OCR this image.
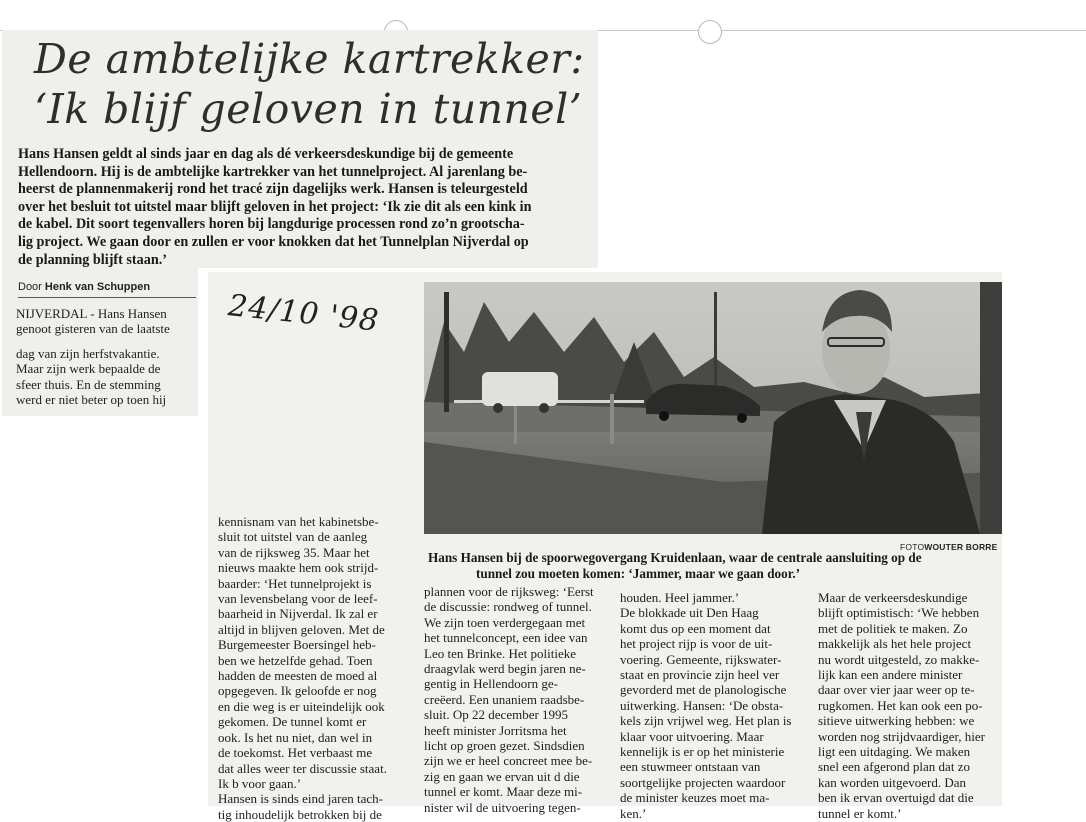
De ambtelijke kartrekker:
‘Ik blijf geloven in tunnel’
Hans Hansen geldt al sinds jaar en dag als dé verkeersdeskundige bij de gemeente
Hellendoorn. Hij is de ambtelijke kartrekker van het tunnelproject. Al jarenlang be-
heerst de plannenmakerij rond het tracé zijn dagelijks werk. Hansen is teleurgesteld
over het besluit tot uitstel maar blijft geloven in het project: ‘Ik zie dit als een kink in
de kabel. Dit soort tegenvallers horen bij langdurige processen rond zo’n grootscha-
lig project. We gaan door en zullen er voor knokken dat het Tunnelplan Nijverdal op
de planning blijft staan.’
Door Henk van Schuppen
NIJVERDAL - Hans Hansen
genoot gisteren van de laatste
dag van zijn herfstvakantie.
Maar zijn werk bepaalde de
sfeer thuis. En de stemming
werd er niet beter op toen hij
24/10 '98
FOTOWOUTER BORRE
Hans Hansen bij de spoorwegovergang Kruidenlaan, waar de centrale aansluiting op de
tunnel zou moeten komen: ‘Jammer, maar we gaan door.’
kennisnam van het kabinetsbe-
sluit tot uitstel van de aanleg
van de rijksweg 35. Maar het
nieuws maakte hem ook strijd-
baarder: ‘Het tunnelprojekt is
van levensbelang voor de leef-
baarheid in Nijverdal. Ik zal er
altijd in blijven geloven. Met de
Burgemeester Boersingel heb-
ben we hetzelfde gehad. Toen
hadden de meesten de moed al
opgegeven. Ik geloofde er nog
en die weg is er uiteindelijk ook
gekomen. De tunnel komt er
ook. Is het nu niet, dan wel in
de toekomst. Het verbaast me
dat alles weer ter discussie staat.
Ik b voor gaan.’
Hansen is sinds eind jaren tach-
tig inhoudelijk betrokken bij de
plannen voor de rijksweg: ‘Eerst
de discussie: rondweg of tunnel.
We zijn toen verdergegaan met
het tunnelconcept, een idee van
Leo ten Brinke. Het politieke
draagvlak werd begin jaren ne-
gentig in Hellendoorn ge-
creëerd. Een unaniem raadsbe-
sluit. Op 22 december 1995
heeft minister Jorritsma het
licht op groen gezet. Sindsdien
zijn we er heel concreet mee be-
zig en gaan we ervan uit d die
tunnel er komt. Maar deze mi-
nister wil de uitvoering tegen-
houden. Heel jammer.’
De blokkade uit Den Haag
komt dus op een moment dat
het project rijp is voor de uit-
voering. Gemeente, rijkswater-
staat en provincie zijn heel ver
gevorderd met de planologische
uitwerking. Hansen: ‘De obsta-
kels zijn vrijwel weg. Het plan is
klaar voor uitvoering. Maar
kennelijk is er op het ministerie
een stuwmeer ontstaan van
soortgelijke projecten waardoor
de minister keuzes moet ma-
ken.’
Maar de verkeersdeskundige
blijft optimistisch: ‘We hebben
met de politiek te maken. Zo
makkelijk als het hele project
nu wordt uitgesteld, zo makke-
lijk kan een andere minister
daar over vier jaar weer op te-
rugkomen. Het kan ook een po-
sitieve uitwerking hebben: we
worden nog strijdvaardiger, hier
ligt een uitdaging. We maken
snel een afgerond plan dat zo
kan worden uitgevoerd. Dan
ben ik ervan overtuigd dat die
tunnel er komt.’
